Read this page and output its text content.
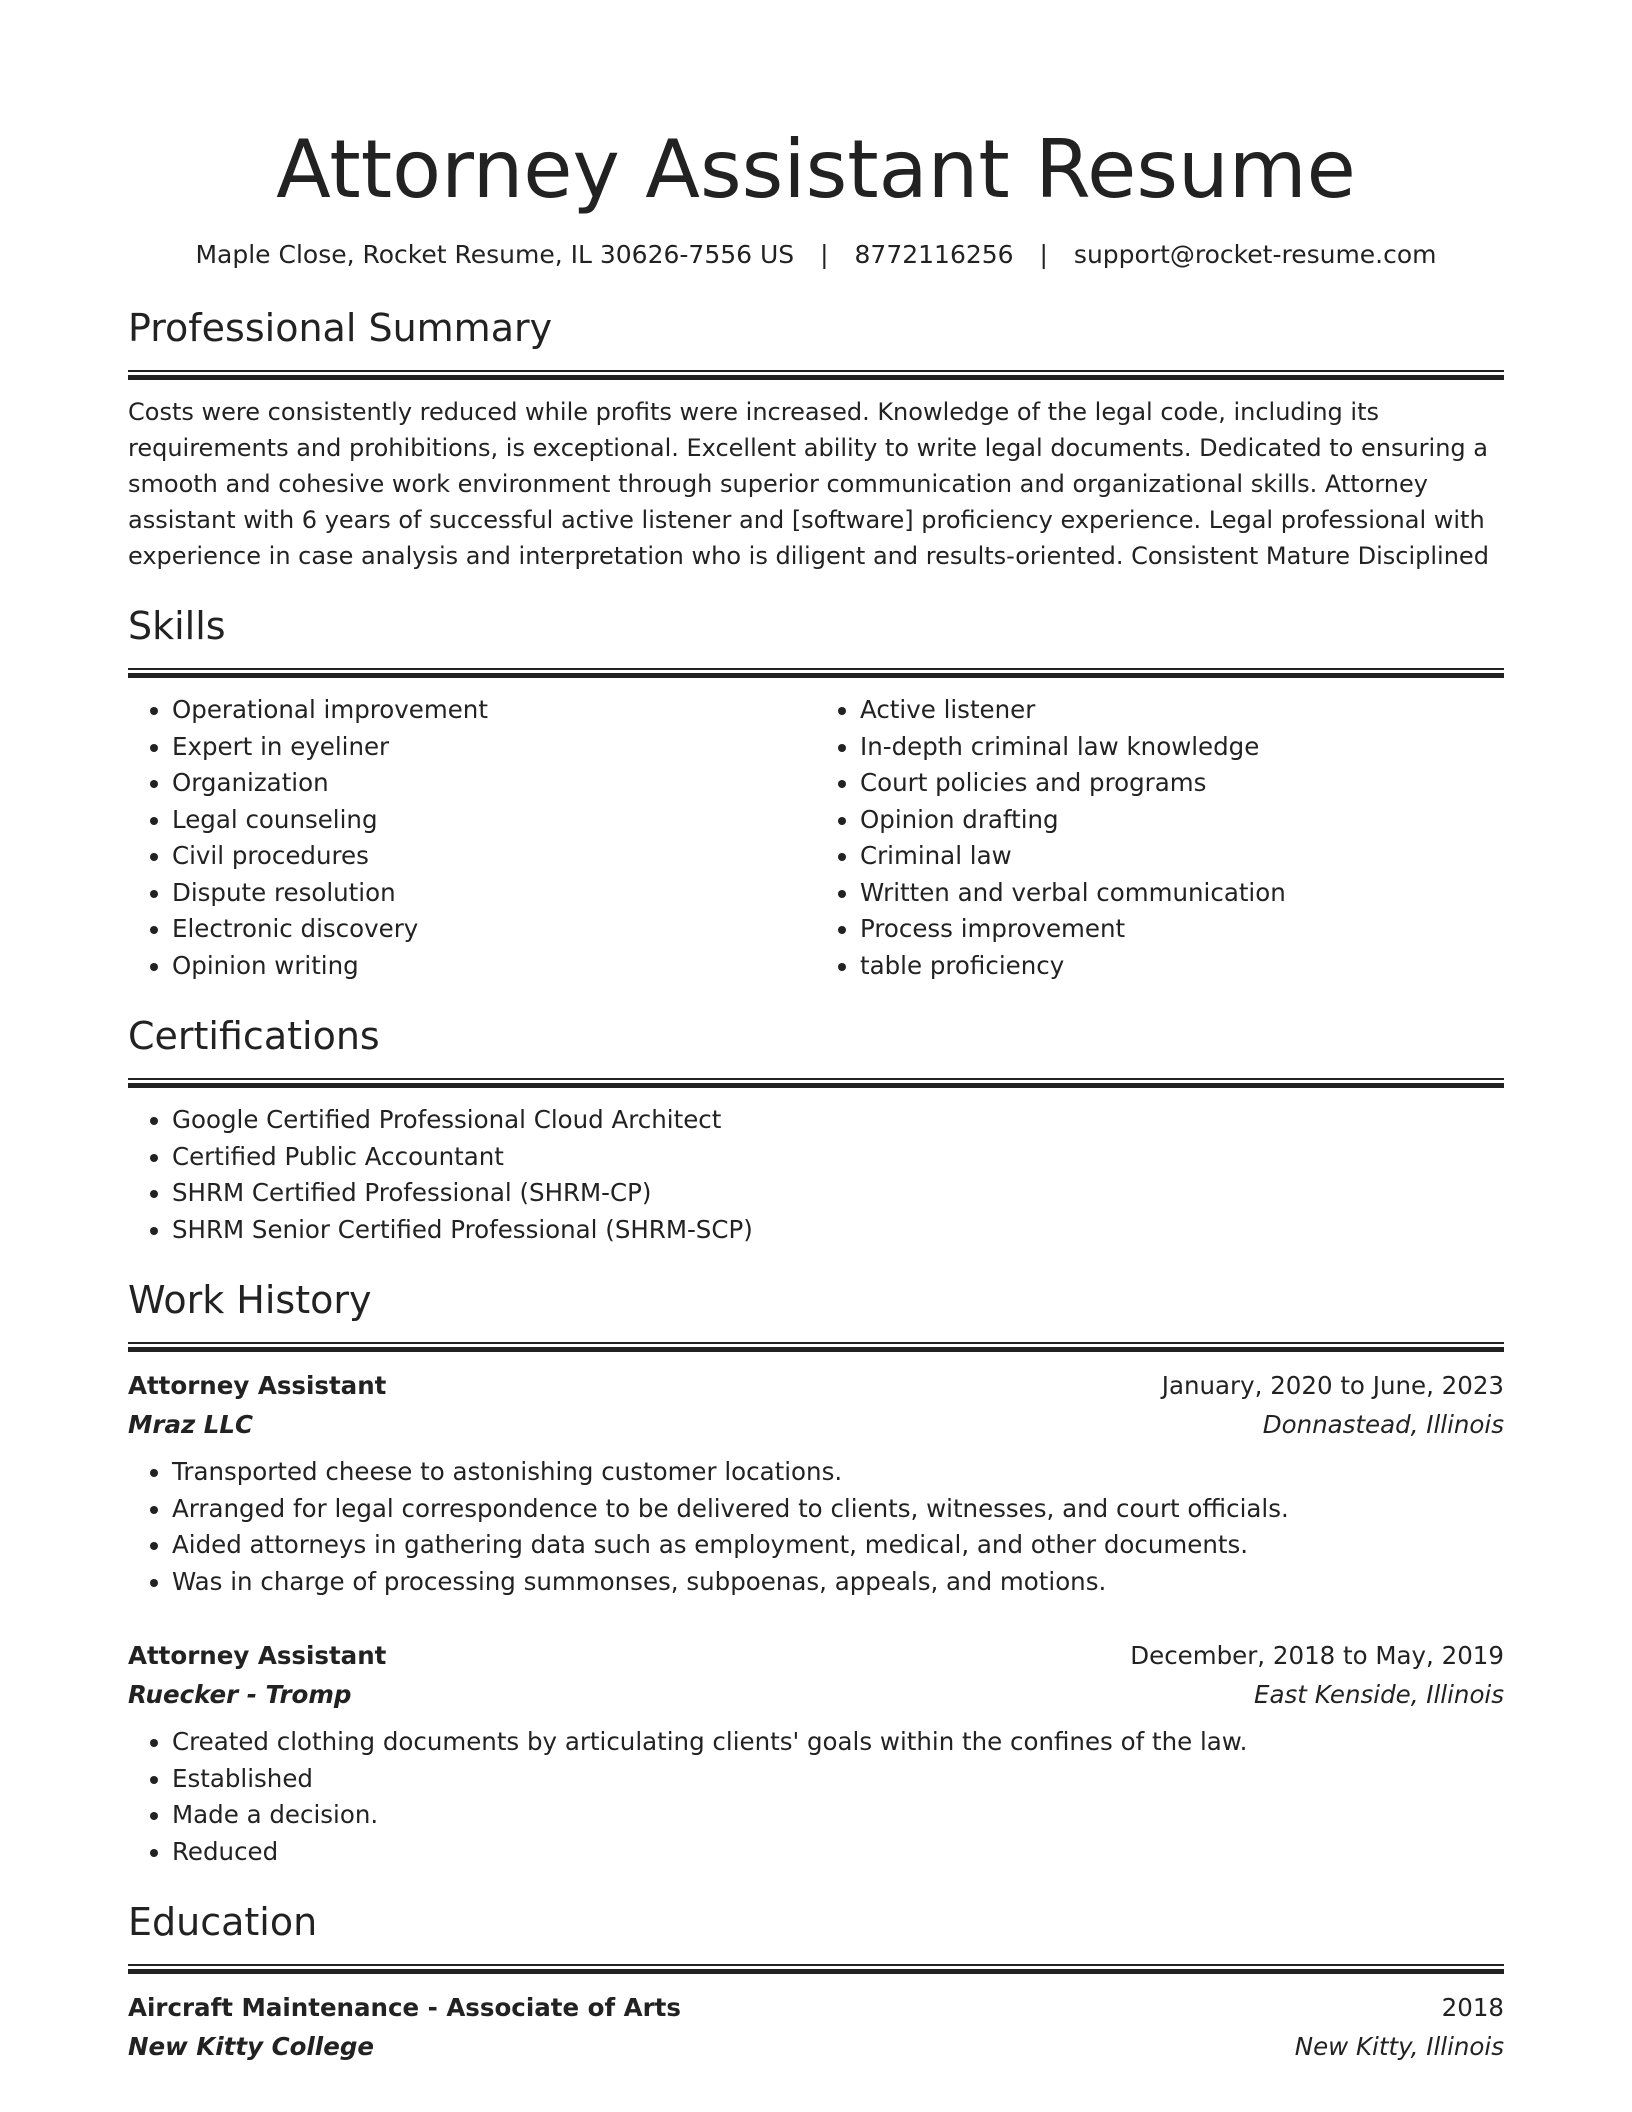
Attorney Assistant Resume
Maple Close, Rocket Resume, IL 30626-7556 US | 8772116256 | support@rocket-resume.com
Professional Summary
Costs were consistently reduced while profits were increased. Knowledge of the legal code, including its requirements and prohibitions, is exceptional. Excellent ability to write legal documents. Dedicated to ensuring a smooth and cohesive work environment through superior communication and organizational skills. Attorney assistant with 6 years of successful active listener and [software] proficiency experience. Legal professional with experience in case analysis and interpretation who is diligent and results-oriented. Consistent Mature Disciplined
Skills
• Operational improvement
• Expert in eyeliner
• Organization
• Legal counseling
• Civil procedures
• Dispute resolution
• Electronic discovery
• Opinion writing
• Active listener
• In-depth criminal law knowledge
• Court policies and programs
• Opinion drafting
• Criminal law
• Written and verbal communication
• Process improvement
• table proficiency
Certifications
• Google Certified Professional Cloud Architect
• Certified Public Accountant
• SHRM Certified Professional (SHRM-CP)
• SHRM Senior Certified Professional (SHRM-SCP)
Work History
Attorney Assistant	January, 2020 to June, 2023
Mraz LLC	Donnastead, Illinois
• Transported cheese to astonishing customer locations.
• Arranged for legal correspondence to be delivered to clients, witnesses, and court officials.
• Aided attorneys in gathering data such as employment, medical, and other documents.
• Was in charge of processing summonses, subpoenas, appeals, and motions.
Attorney Assistant	December, 2018 to May, 2019
Ruecker - Tromp	East Kenside, Illinois
• Created clothing documents by articulating clients' goals within the confines of the law.
• Established
• Made a decision.
• Reduced
Education
Aircraft Maintenance - Associate of Arts	2018
New Kitty College	New Kitty, Illinois
